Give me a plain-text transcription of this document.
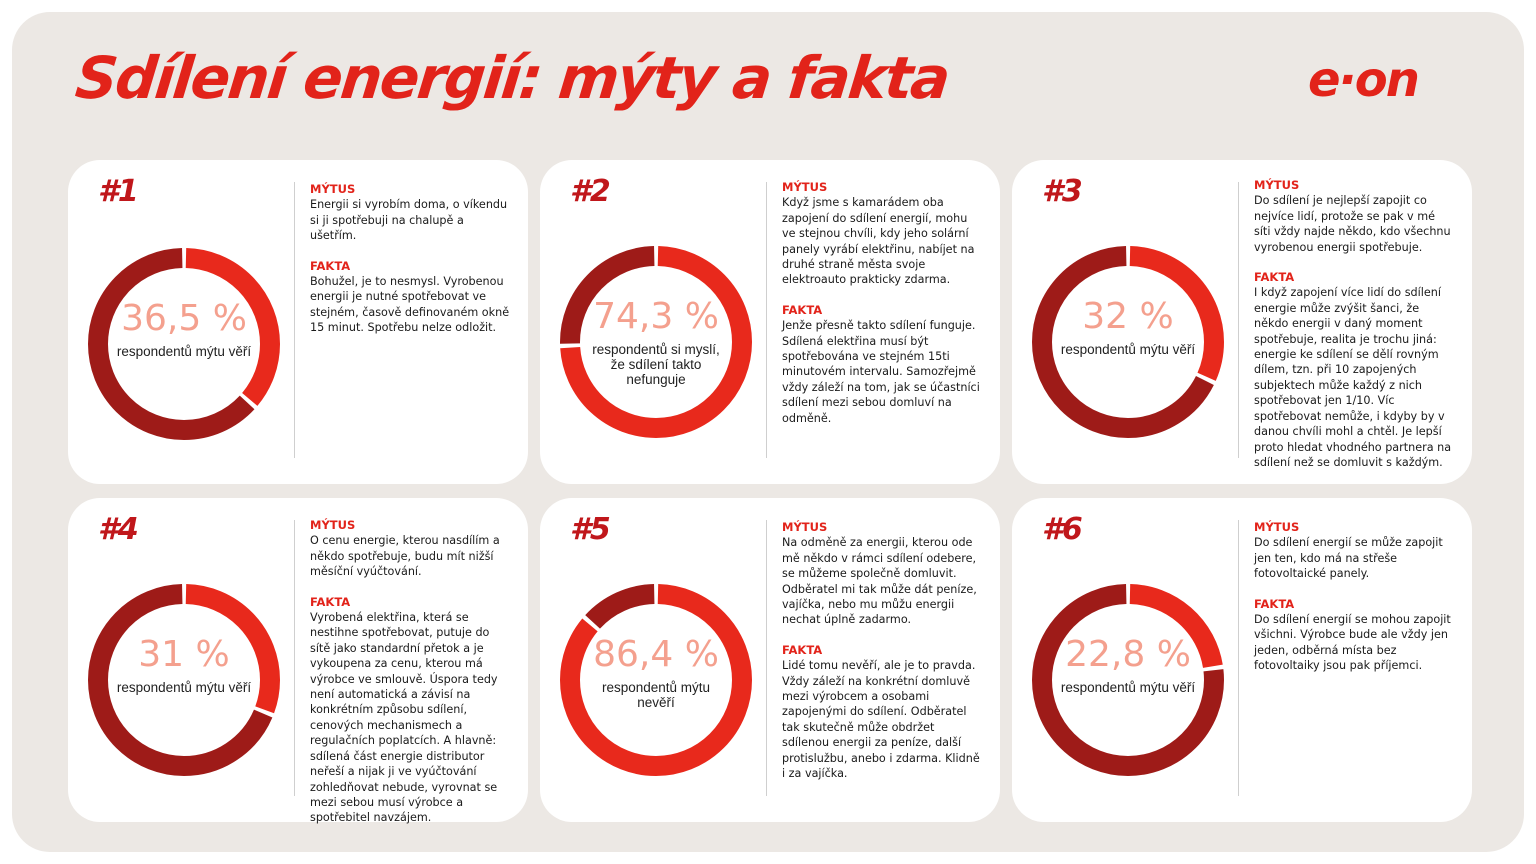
Sdílení energií: mýty a fakta	e·on
#1
36,5 %
respondentů mýtu věří
MÝTUS

Energii si vyrobím doma, o víkendu si ji spotřebuji na chalupě a ušetřím.

FAKTA

Bohužel, je to nesmysl. Vyrobenou energii je nutné spotřebovat ve stejném, časově definovaném okně 15 minut. Spotřebu nelze odložit.

#2
74,3 %
respondentů si myslí, že sdílení takto nefunguje
MÝTUS

Když jsme s kamarádem oba zapojení do sdílení energií, mohu ve stejnou chvíli, kdy jeho solární panely vyrábí elektřinu, nabíjet na druhé straně města svoje elektroauto prakticky zdarma.

FAKTA

Jenže přesně takto sdílení funguje. Sdílená elektřina musí být spotřebována ve stejném 15ti minutovém intervalu. Samozřejmě vždy záleží na tom, jak se účastníci sdílení mezi sebou domluví na odměně.

#3
32 %
respondentů mýtu věří
MÝTUS

Do sdílení je nejlepší zapojit co nejvíce lidí, protože se pak v mé síti vždy najde někdo, kdo všechnu vyrobenou energii spotřebuje.

FAKTA

I když zapojení více lidí do sdílení energie může zvýšit šanci, že někdo energii v daný moment spotřebuje, realita je trochu jiná: energie ke sdílení se dělí rovným dílem, tzn. při 10 zapojených subjektech může každý z nich spotřebovat jen 1/10. Víc spotřebovat nemůže, i kdyby by v danou chvíli mohl a chtěl. Je lepší proto hledat vhodného partnera na sdílení než se domluvit s každým.

#4
31 %
respondentů mýtu věří
MÝTUS

O cenu energie, kterou nasdílím a někdo spotřebuje, budu mít nižší měsíční vyúčtování.

FAKTA

Vyrobená elektřina, která se nestihne spotřebovat, putuje do sítě jako standardní přetok a je vykoupena za cenu, kterou má výrobce ve smlouvě. Úspora tedy není automatická a závisí na konkrétním způsobu sdílení, cenových mechanismech a regulačních poplatcích. A hlavně: sdílená část energie distributor neřeší a nijak ji ve vyúčtování zohledňovat nebude, vyrovnat se mezi sebou musí výrobce a spotřebitel navzájem.

#5
86,4 %
respondentů mýtu nevěří
MÝTUS

Na odměně za energii, kterou ode mě někdo v rámci sdílení odebere, se můžeme společně domluvit. Odběratel mi tak může dát peníze, vajíčka, nebo mu můžu energii nechat úplně zadarmo.

FAKTA

Lidé tomu nevěří, ale je to pravda. Vždy záleží na konkrétní domluvě mezi výrobcem a osobami zapojenými do sdílení. Odběratel tak skutečně může obdržet sdílenou energii za peníze, další protislužbu, anebo i zdarma. Klidně i za vajíčka.

#6
22,8 %
respondentů mýtu věří
MÝTUS

Do sdílení energií se může zapojit jen ten, kdo má na střeše fotovoltaické panely.

FAKTA

Do sdílení energií se mohou zapojit všichni. Výrobce bude ale vždy jen jeden, odběrná místa bez fotovoltaiky jsou pak příjemci.
